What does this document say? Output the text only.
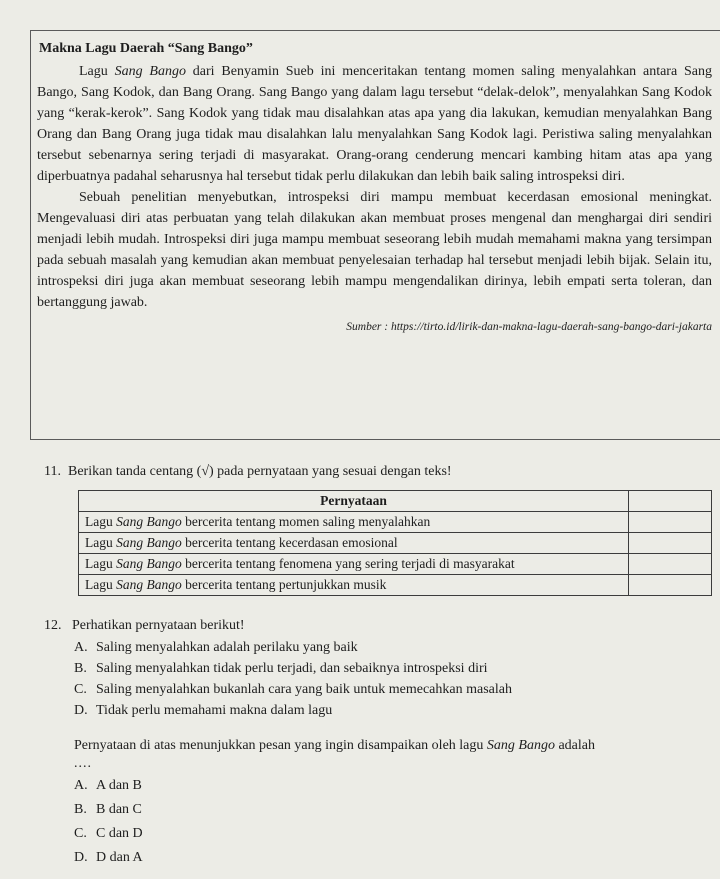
Makna Lagu Daerah “Sang Bango”

Lagu Sang Bango dari Benyamin Sueb ini menceritakan tentang momen saling menyalahkan antara Sang Bango, Sang Kodok, dan Bang Orang. Sang Bango yang dalam lagu tersebut “delak-delok”, menyalahkan Sang Kodok yang “kerak-kerok”. Sang Kodok yang tidak mau disalahkan atas apa yang dia lakukan, kemudian menyalahkan Bang Orang dan Bang Orang juga tidak mau disalahkan lalu menyalahkan Sang Kodok lagi. Peristiwa saling menyalahkan tersebut sebenarnya sering terjadi di masyarakat. Orang-orang cenderung mencari kambing hitam atas apa yang diperbuatnya padahal seharusnya hal tersebut tidak perlu dilakukan dan lebih baik saling introspeksi diri.

Sebuah penelitian menyebutkan, introspeksi diri mampu membuat kecerdasan emosional meningkat. Mengevaluasi diri atas perbuatan yang telah dilakukan akan membuat proses mengenal dan menghargai diri sendiri menjadi lebih mudah. Introspeksi diri juga mampu membuat seseorang lebih mudah memahami makna yang tersimpan pada sebuah masalah yang kemudian akan membuat penyelesaian terhadap hal tersebut menjadi lebih bijak. Selain itu, introspeksi diri juga akan membuat seseorang lebih mampu mengendalikan dirinya, lebih empati serta toleran, dan bertanggung jawab.

Sumber : https://tirto.id/lirik-dan-makna-lagu-daerah-sang-bango-dari-jakarta
11. Berikan tanda centang (√) pada pernyataan yang sesuai dengan teks!
Pernyataan	
Lagu Sang Bango bercerita tentang momen saling menyalahkan	
Lagu Sang Bango bercerita tentang kecerdasan emosional	
Lagu Sang Bango bercerita tentang fenomena yang sering terjadi di masyarakat	
Lagu Sang Bango bercerita tentang pertunjukkan musik	
12. Perhatikan pernyataan berikut!
A. Saling menyalahkan adalah perilaku yang baik
B. Saling menyalahkan tidak perlu terjadi, dan sebaiknya introspeksi diri
C. Saling menyalahkan bukanlah cara yang baik untuk memecahkan masalah
D. Tidak perlu memahami makna dalam lagu
Pernyataan di atas menunjukkan pesan yang ingin disampaikan oleh lagu Sang Bango adalah
....
A. A dan B
B. B dan C
C. C dan D
D. D dan A
